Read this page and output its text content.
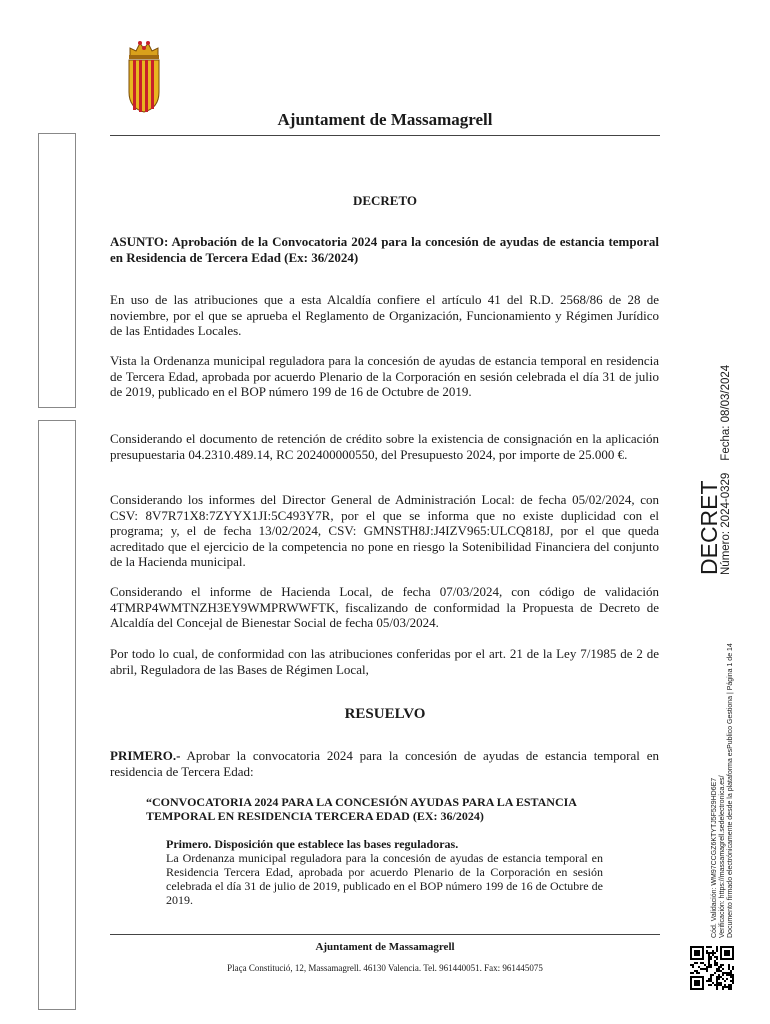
Ajuntament de Massamagrell
DECRETO
ASUNTO: Aprobación de la Convocatoria 2024 para la concesión de ayudas de estancia temporal en Residencia de Tercera Edad (Ex: 36/2024)
En uso de las atribuciones que a esta Alcaldía confiere el artículo 41 del R.D. 2568/86 de 28 de noviembre, por el que se aprueba el Reglamento de Organización, Funcionamiento y Régimen Jurídico de las Entidades Locales.
Vista la Ordenanza municipal reguladora para la concesión de ayudas de estancia temporal en residencia de Tercera Edad, aprobada por acuerdo Plenario de la Corporación en sesión celebrada el día 31 de julio de 2019, publicado en el BOP número 199 de 16 de Octubre de 2019.
Considerando el documento de retención de crédito sobre la existencia de consignación en la aplicación presupuestaria 04.2310.489.14, RC 202400000550, del Presupuesto 2024, por importe de 25.000 €.
Considerando los informes del Director General de Administración Local: de fecha 05/02/2024, con CSV: 8V7R71X8:7ZYYX1JI:5C493Y7R, por el que se informa que no existe duplicidad con el programa; y, el de fecha 13/02/2024, CSV: GMNSTH8J:J4IZV965:ULCQ818J, por el que queda acreditado que el ejercicio de la competencia no pone en riesgo la Sotenibilidad Financiera del conjunto de la Hacienda municipal.
Considerando el informe de Hacienda Local, de fecha 07/03/2024, con código de validación 4TMRP4WMTNZH3EY9WMPRWWFTK, fiscalizando de conformidad la Propuesta de Decreto de Alcaldía del Concejal de Bienestar Social de fecha 05/03/2024.
Por todo lo cual, de conformidad con las atribuciones conferidas por el art. 21 de la Ley 7/1985 de 2 de abril, Reguladora de las Bases de Régimen Local,
RESUELVO
PRIMERO.- Aprobar la convocatoria 2024 para la concesión de ayudas de estancia temporal en residencia de Tercera Edad:
“CONVOCATORIA 2024 PARA LA CONCESIÓN AYUDAS PARA LA ESTANCIA TEMPORAL EN RESIDENCIA TERCERA EDAD (EX: 36/2024)
Primero. Disposición que establece las bases reguladoras.
La Ordenanza municipal reguladora para la concesión de ayudas de estancia temporal en Residencia Tercera Edad, aprobada por acuerdo Plenario de la Corporación en sesión celebrada el día 31 de julio de 2019, publicado en el BOP número 199 de 16 de Octubre de 2019.
Ajuntament de Massamagrell
Plaça Constitució, 12, Massamagrell. 46130 Valencia. Tel. 961440051. Fax: 961445075
DECRET
Número: 2024-0329Fecha: 08/03/2024
Cód. Validación: WM97CCGZ6KTYTJ5F529HD6E7 Verificación: https://massamagrell.sedelectronica.es/ Documento firmado electrónicamente desde la plataforma esPublico Gestiona | Página 1 de 14
